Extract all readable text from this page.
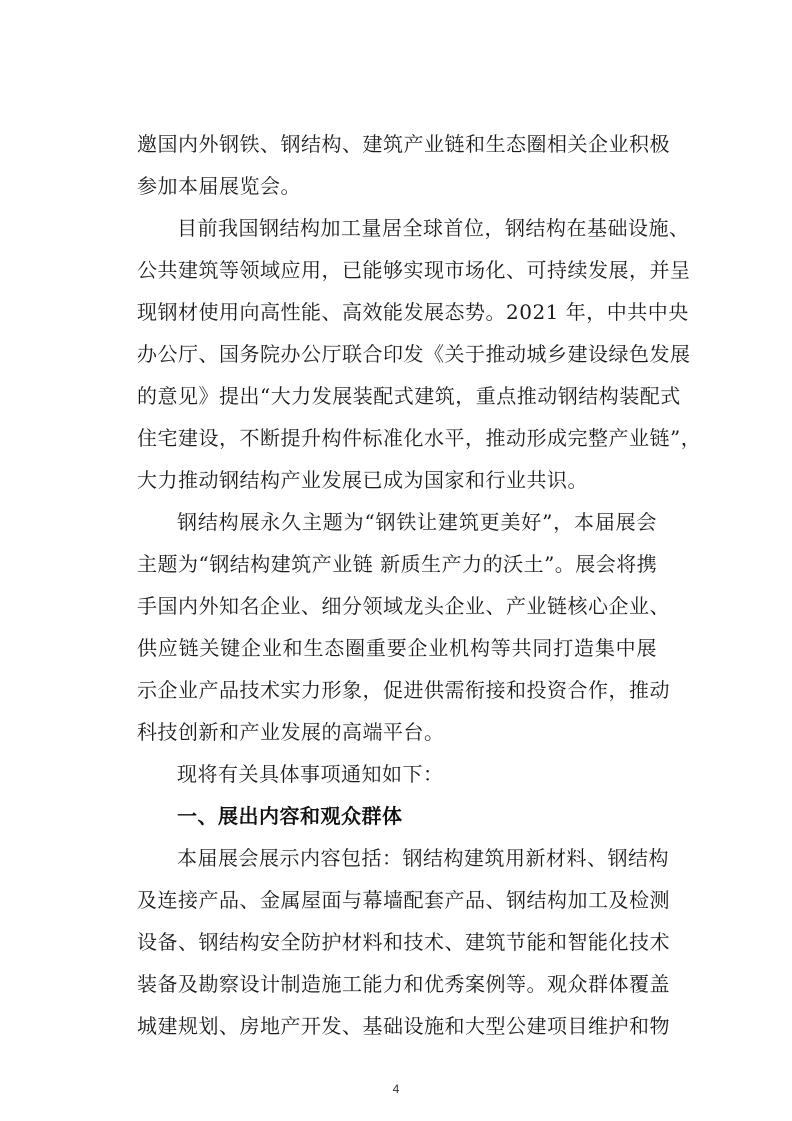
邀国内外钢铁、钢结构、建筑产业链和生态圈相关企业积极
参加本届展览会。
目前我国钢结构加工量居全球首位，钢结构在基础设施、
公共建筑等领域应用，已能够实现市场化、可持续发展，并呈
现钢材使用向高性能、高效能发展态势。2021 年，中共中央
办公厅、国务院办公厅联合印发《关于推动城乡建设绿色发展
的意见》提出“大力发展装配式建筑，重点推动钢结构装配式
住宅建设，不断提升构件标准化水平，推动形成完整产业链”，
大力推动钢结构产业发展已成为国家和行业共识。
钢结构展永久主题为“钢铁让建筑更美好”，本届展会
主题为“钢结构建筑产业链 新质生产力的沃土”。展会将携
手国内外知名企业、细分领域龙头企业、产业链核心企业、
供应链关键企业和生态圈重要企业机构等共同打造集中展
示企业产品技术实力形象，促进供需衔接和投资合作，推动
科技创新和产业发展的高端平台。
现将有关具体事项通知如下：
一、展出内容和观众群体
本届展会展示内容包括：钢结构建筑用新材料、钢结构
及连接产品、金属屋面与幕墙配套产品、钢结构加工及检测
设备、钢结构安全防护材料和技术、建筑节能和智能化技术
装备及勘察设计制造施工能力和优秀案例等。观众群体覆盖
城建规划、房地产开发、基础设施和大型公建项目维护和物
4
